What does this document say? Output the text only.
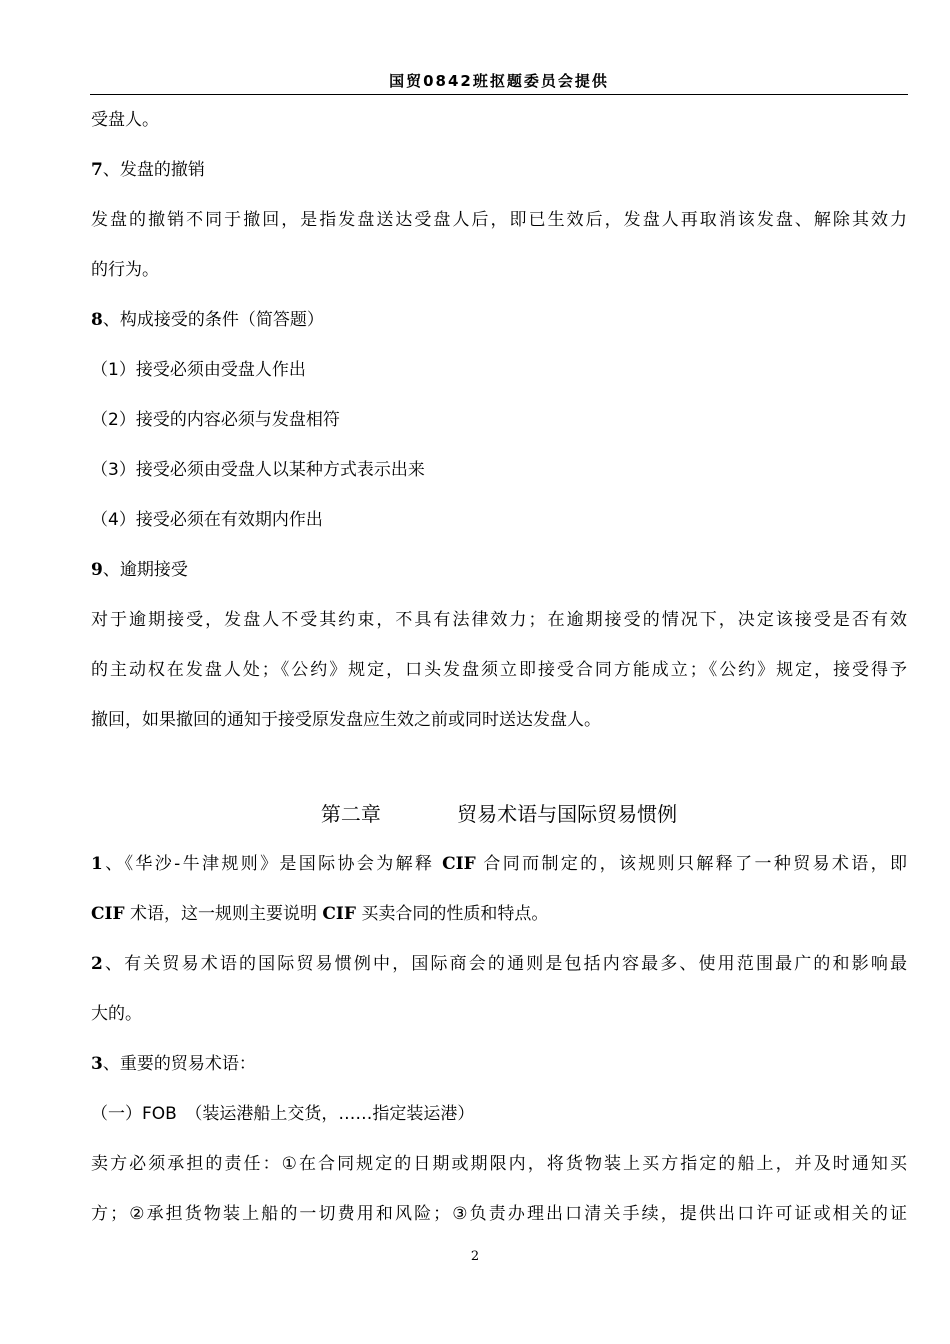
国贸0842班抠题委员会提供
受盘人。
7、发盘的撤销
发盘的撤销不同于撤回，是指发盘送达受盘人后，即已生效后，发盘人再取消该发盘、解除其效力
的行为。
8、构成接受的条件（简答题）
（1）接受必须由受盘人作出
（2）接受的内容必须与发盘相符
（3）接受必须由受盘人以某种方式表示出来
（4）接受必须在有效期内作出
9、逾期接受
对于逾期接受，发盘人不受其约束，不具有法律效力；在逾期接受的情况下，决定该接受是否有效
的主动权在发盘人处；《公约》规定，口头发盘须立即接受合同方能成立；《公约》规定，接受得予
撤回，如果撤回的通知于接受原发盘应生效之前或同时送达发盘人。
第二章	贸易术语与国际贸易惯例
1、《华沙-牛津规则》是国际协会为解释 CIF 合同而制定的，该规则只解释了一种贸易术语，即
CIF 术语，这一规则主要说明 CIF 买卖合同的性质和特点。
2、有关贸易术语的国际贸易惯例中，国际商会的通则是包括内容最多、使用范围最广的和影响最
大的。
3、重要的贸易术语：
（一）FOB　（装运港船上交货，……指定装运港）
卖方必须承担的责任：①在合同规定的日期或期限内，将货物装上买方指定的船上，并及时通知买
方；②承担货物装上船的一切费用和风险；③负责办理出口清关手续，提供出口许可证或相关的证
2
